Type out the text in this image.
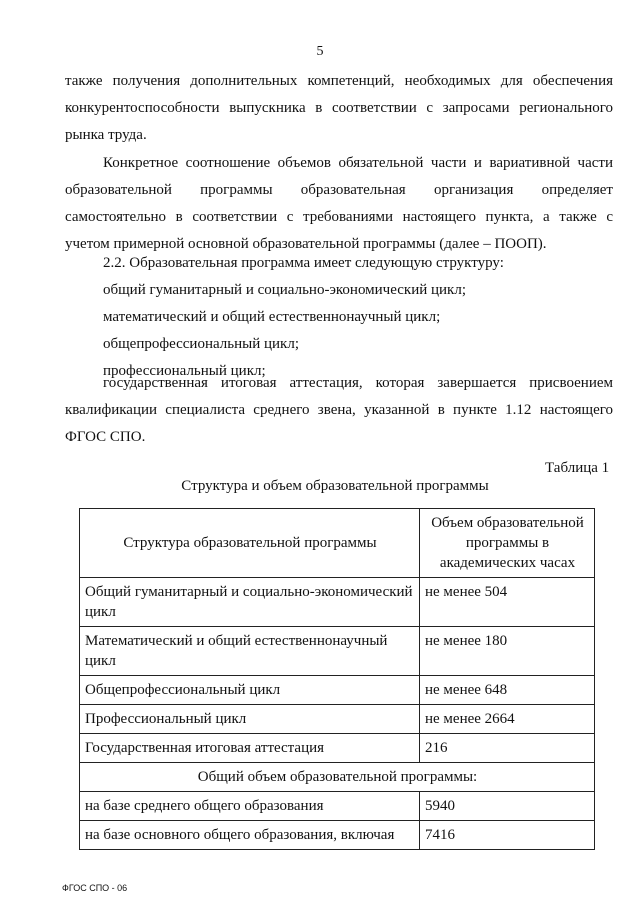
5
также получения дополнительных компетенций, необходимых для обеспечения
конкурентоспособности выпускника в соответствии с запросами регионального
рынка труда.
Конкретное соотношение объемов обязательной части и вариативной части
образовательной программы образовательная организация определяет
самостоятельно в соответствии с требованиями настоящего пункта, а также с
учетом примерной основной образовательной программы (далее – ПООП).
2.2. Образовательная программа имеет следующую структуру:
общий гуманитарный и социально-экономический цикл;
математический и общий естественнонаучный цикл;
общепрофессиональный цикл;
профессиональный цикл;
государственная итоговая аттестация, которая завершается присвоением
квалификации специалиста среднего звена, указанной в пункте 1.12 настоящего
ФГОС СПО.
Таблица 1
Структура и объем образовательной программы
Структура образовательной программы	Объем образовательной программы в академических часах
Общий гуманитарный и социально-экономический цикл	не менее 504
Математический и общий естественнонаучный цикл	не менее 180
Общепрофессиональный цикл	не менее 648
Профессиональный цикл	не менее 2664
Государственная итоговая аттестация	216
Общий объем образовательной программы:	
на базе среднего общего образования	5940
на базе основного общего образования, включая	7416
ФГОС СПО - 06
